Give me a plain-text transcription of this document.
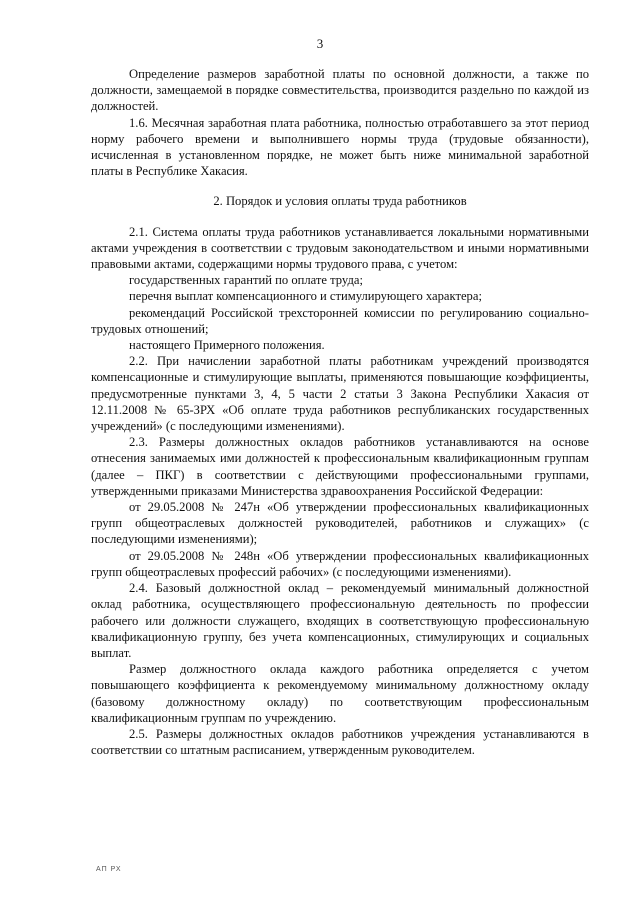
3

Определение размеров заработной платы по основной должности, а также по должности, замещаемой в порядке совместительства, производится раздельно по каждой из должностей.

1.6. Месячная заработная плата работника, полностью отработавшего за этот период норму рабочего времени и выполнившего нормы труда (трудовые обязанности), исчисленная в установленном порядке, не может быть ниже минимальной заработной платы в Республике Хакасия.

2. Порядок и условия оплаты труда работников

2.1. Система оплаты труда работников устанавливается локальными нормативными актами учреждения в соответствии с трудовым законодательством и иными нормативными правовыми актами, содержащими нормы трудового права, с учетом:

государственных гарантий по оплате труда;

перечня выплат компенсационного и стимулирующего характера;

рекомендаций Российской трехсторонней комиссии по регулированию социально-трудовых отношений;

настоящего Примерного положения.

2.2. При начислении заработной платы работникам учреждений производятся компенсационные и стимулирующие выплаты, применяются повышающие коэффициенты, предусмотренные пунктами 3, 4, 5 части 2 статьи 3 Закона Республики Хакасия от 12.11.2008 № 65-ЗРХ «Об оплате труда работников республиканских государственных учреждений» (с последующими изменениями).

2.3. Размеры должностных окладов работников устанавливаются на основе отнесения занимаемых ими должностей к профессиональным квалификационным группам (далее – ПКГ) в соответствии с действующими профессиональными группами, утвержденными приказами Министерства здравоохранения Российской Федерации:

от 29.05.2008 № 247н «Об утверждении профессиональных квалификационных групп общеотраслевых должностей руководителей, работников и служащих» (с последующими изменениями);

от 29.05.2008 № 248н «Об утверждении профессиональных квалификационных групп общеотраслевых профессий рабочих» (с последующими изменениями).

2.4. Базовый должностной оклад – рекомендуемый минимальный должностной оклад работника, осуществляющего профессиональную деятельность по профессии рабочего или должности служащего, входящих в соответствующую профессиональную квалификационную группу, без учета компенсационных, стимулирующих и социальных выплат.

Размер должностного оклада каждого работника определяется с учетом повышающего коэффициента к рекомендуемому минимальному должностному окладу (базовому должностному окладу) по соответствующим профессиональным квалификационным группам по учреждению.

2.5. Размеры должностных окладов работников учреждения устанавливаются в соответствии со штатным расписанием, утвержденным руководителем.

АП РХ
